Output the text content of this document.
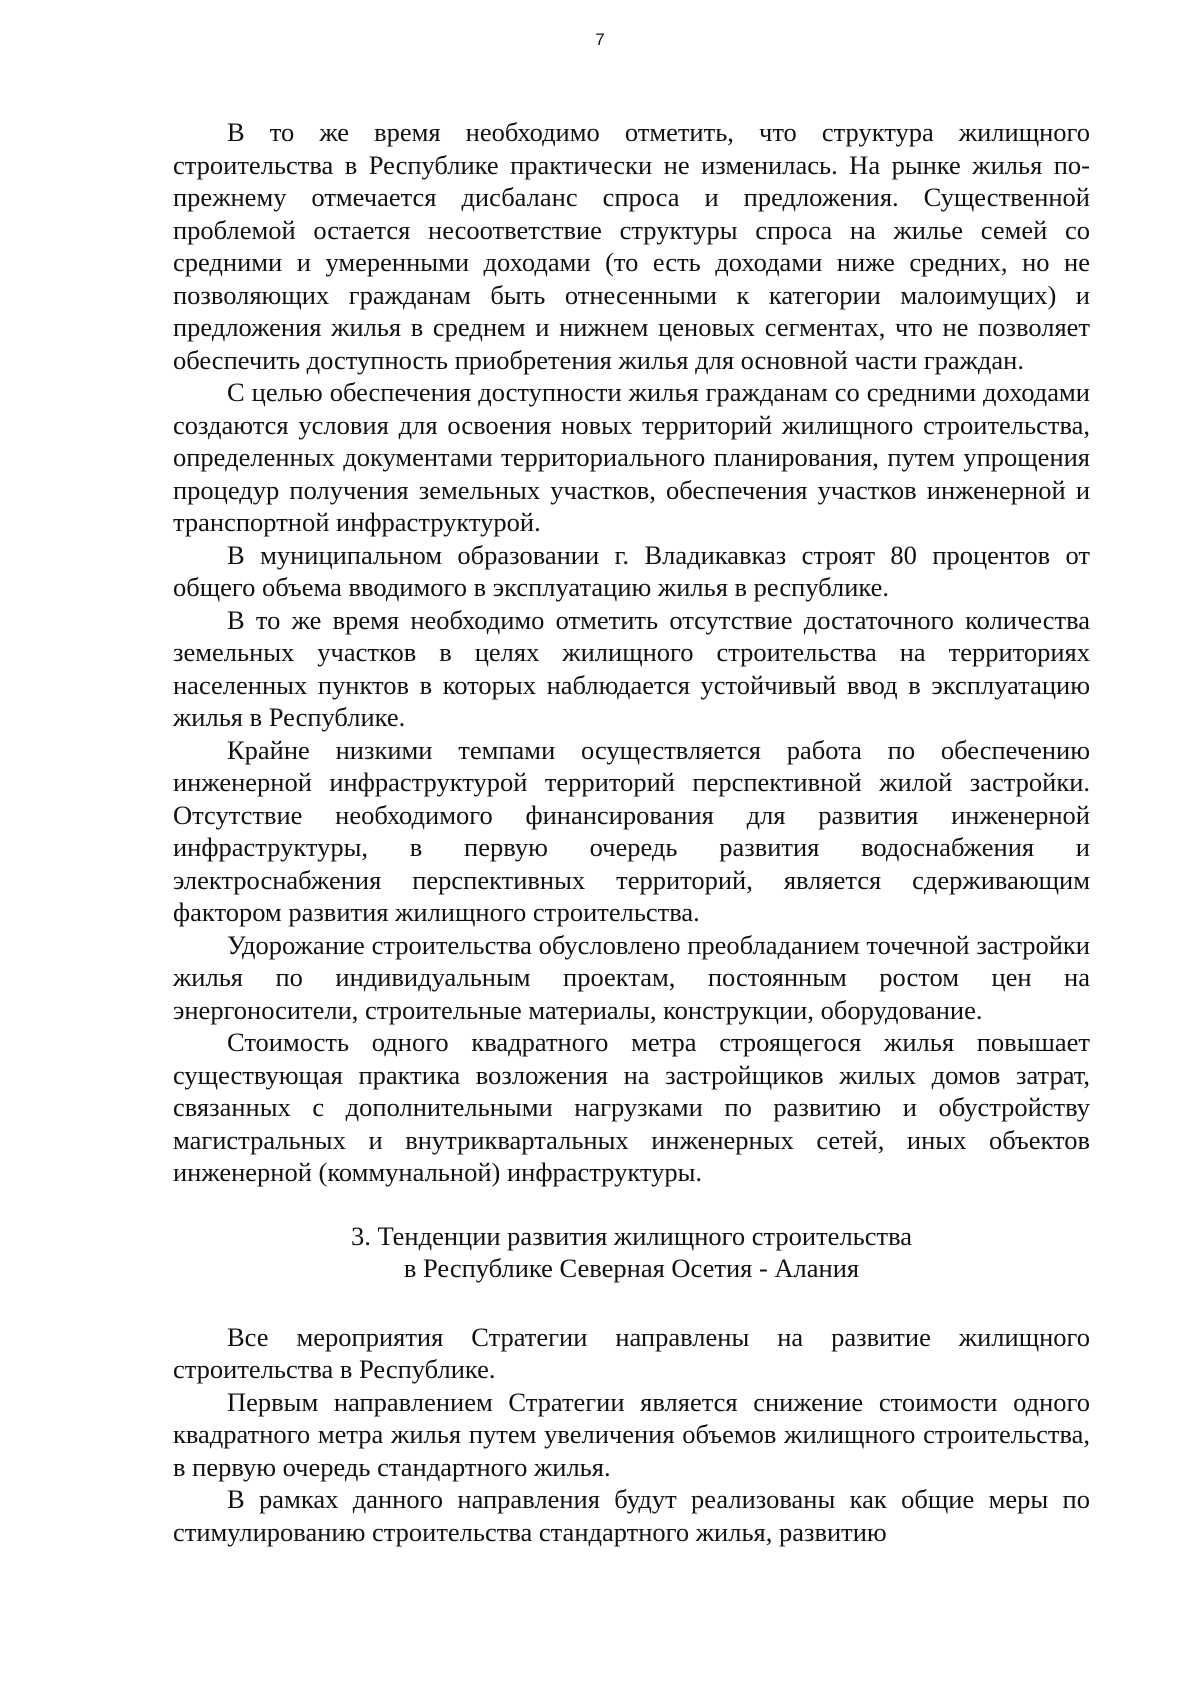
7

В то же время необходимо отметить, что структура жилищного строительства в Республике практически не изменилась. На рынке жилья по-прежнему отмечается дисбаланс спроса и предложения. Существенной проблемой остается несоответствие структуры спроса на жилье семей со средними и умеренными доходами (то есть доходами ниже средних, но не позволяющих гражданам быть отнесенными к категории малоимущих) и предложения жилья в среднем и нижнем ценовых сегментах, что не позволяет обеспечить доступность приобретения жилья для основной части граждан.

С целью обеспечения доступности жилья гражданам со средними доходами создаются условия для освоения новых территорий жилищного строительства, определенных документами территориального планирования, путем упрощения процедур получения земельных участков, обеспечения участков инженерной и транспортной инфраструктурой.

В муниципальном образовании г. Владикавказ строят 80 процентов от общего объема вводимого в эксплуатацию жилья в республике.

В то же время необходимо отметить отсутствие достаточного количества земельных участков в целях жилищного строительства на территориях населенных пунктов в которых наблюдается устойчивый ввод в эксплуатацию жилья в Республике.

Крайне низкими темпами осуществляется работа по обеспечению инженерной инфраструктурой территорий перспективной жилой застройки. Отсутствие необходимого финансирования для развития инженерной инфраструктуры, в первую очередь развития водоснабжения и электроснабжения перспективных территорий, является сдерживающим фактором развития жилищного строительства.

Удорожание строительства обусловлено преобладанием точечной застройки жилья по индивидуальным проектам, постоянным ростом цен на энергоносители, строительные материалы, конструкции, оборудование.

Стоимость одного квадратного метра строящегося жилья повышает существующая практика возложения на застройщиков жилых домов затрат, связанных с дополнительными нагрузками по развитию и обустройству магистральных и внутриквартальных инженерных сетей, иных объектов инженерной (коммунальной) инфраструктуры.

3. Тенденции развития жилищного строительства
в Республике Северная Осетия - Алания

Все мероприятия Стратегии направлены на развитие жилищного строительства в Республике.

Первым направлением Стратегии является снижение стоимости одного квадратного метра жилья путем увеличения объемов жилищного строительства, в первую очередь стандартного жилья.

В рамках данного направления будут реализованы как общие меры по стимулированию строительства стандартного жилья, развитию
